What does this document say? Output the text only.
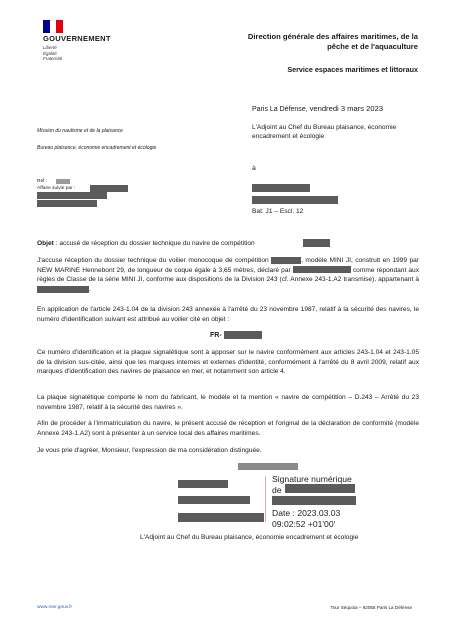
GOUVERNEMENT
Liberté
Égalité
Fraternité
Direction générale des affaires maritimes, de la pêche et de l'aquaculture
Service espaces maritimes et littoraux
Paris La Défense, vendredi 3 mars 2023
L'Adjoint au Chef du Bureau plaisance, économie encadrement et écologie
Mission du nautisme et de la plaisance
Bureau plaisance, économie encadrement et écologie
Réf :
Affaire suivie par :
à
Bat. J1 – Escl. 12
Objet : accusé de réception du dossier technique du navire de compétition
J'accuse réception du dossier technique du voilier monocoque de compétition	, modèle MINI JI, construit en 1999 par NEW MARINE Hennebont 29, de longueur de coque égale à 3,65 mètres, déclaré par	comme répondant aux règles de Classe de la série MINI JI, conforme aux dispositions de la Division 243 (cf. Annexe 243-1.A2 transmise), appartenant à .
En application de l'article 243-1.04 de la division 243 annexée à l'arrêté du 23 novembre 1987, relatif à la sécurité des navires, le numéro d'identification suivant est attribué au voilier cité en objet :
FR-
Ce numéro d'identification et la plaque signalétique sont à apposer sur le navire conformément aux articles 243-1.04 et 243-1.05 de la division sus-citée, ainsi que les marques internes et externes d'identité, conformément à l'arrêté du 8 avril 2009, relatif aux marques d'identification des navires de plaisance en mer, et notamment son article 4.
La plaque signalétique comporte le nom du fabricant, le modèle et la mention « navire de compétition – D.243 – Arrêté du 23 novembre 1987, relatif à la sécurité des navires ».
Afin de procéder à l'immatriculation du navire, le présent accusé de réception et l'original de la déclaration de conformité (modèle Annexe 243-1.A2) sont à présenter à un service local des affaires maritimes.
Je vous prie d'agréer, Monsieur, l'expression de ma considération distinguée.
Signature numérique
de
Date : 2023.03.03
09:02:52 +01'00'
L'Adjoint au Chef du Bureau plaisance, économie encadrement et écologie
www.mer.gouv.fr	Tour Séquoia – 92055 Paris La Défense
